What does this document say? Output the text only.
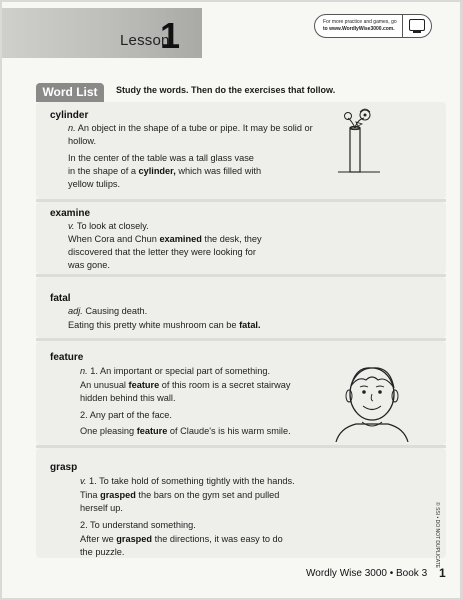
Lesson
1	For more practice and games, go
to www.WordlyWise3000.com.
Word List	Study the words. Then do the exercises that follow.
cylinder
n. An object in the shape of a tube or pipe. It may be solid or hollow.
In the center of the table was a tall glass vase
in the shape of a cylinder, which was filled with
yellow tulips.
examine
v. To look at closely.
When Cora and Chun examined the desk, they
discovered that the letter they were looking for
was gone.
fatal
adj. Causing death.
Eating this pretty white mushroom can be fatal.
feature
n. 1. An important or special part of something.
An unusual feature of this room is a secret stairway
hidden behind this wall.
2. Any part of the face.
One pleasing feature of Claude's is his warm smile.
grasp
v. 1. To take hold of something tightly with the hands.
Tina grasped the bars on the gym set and pulled
herself up.
2. To understand something.
After we grasped the directions, it was easy to do
the puzzle.
Wordly Wise 3000 • Book 3 1
© SSI • DO NOT DUPLICATE
